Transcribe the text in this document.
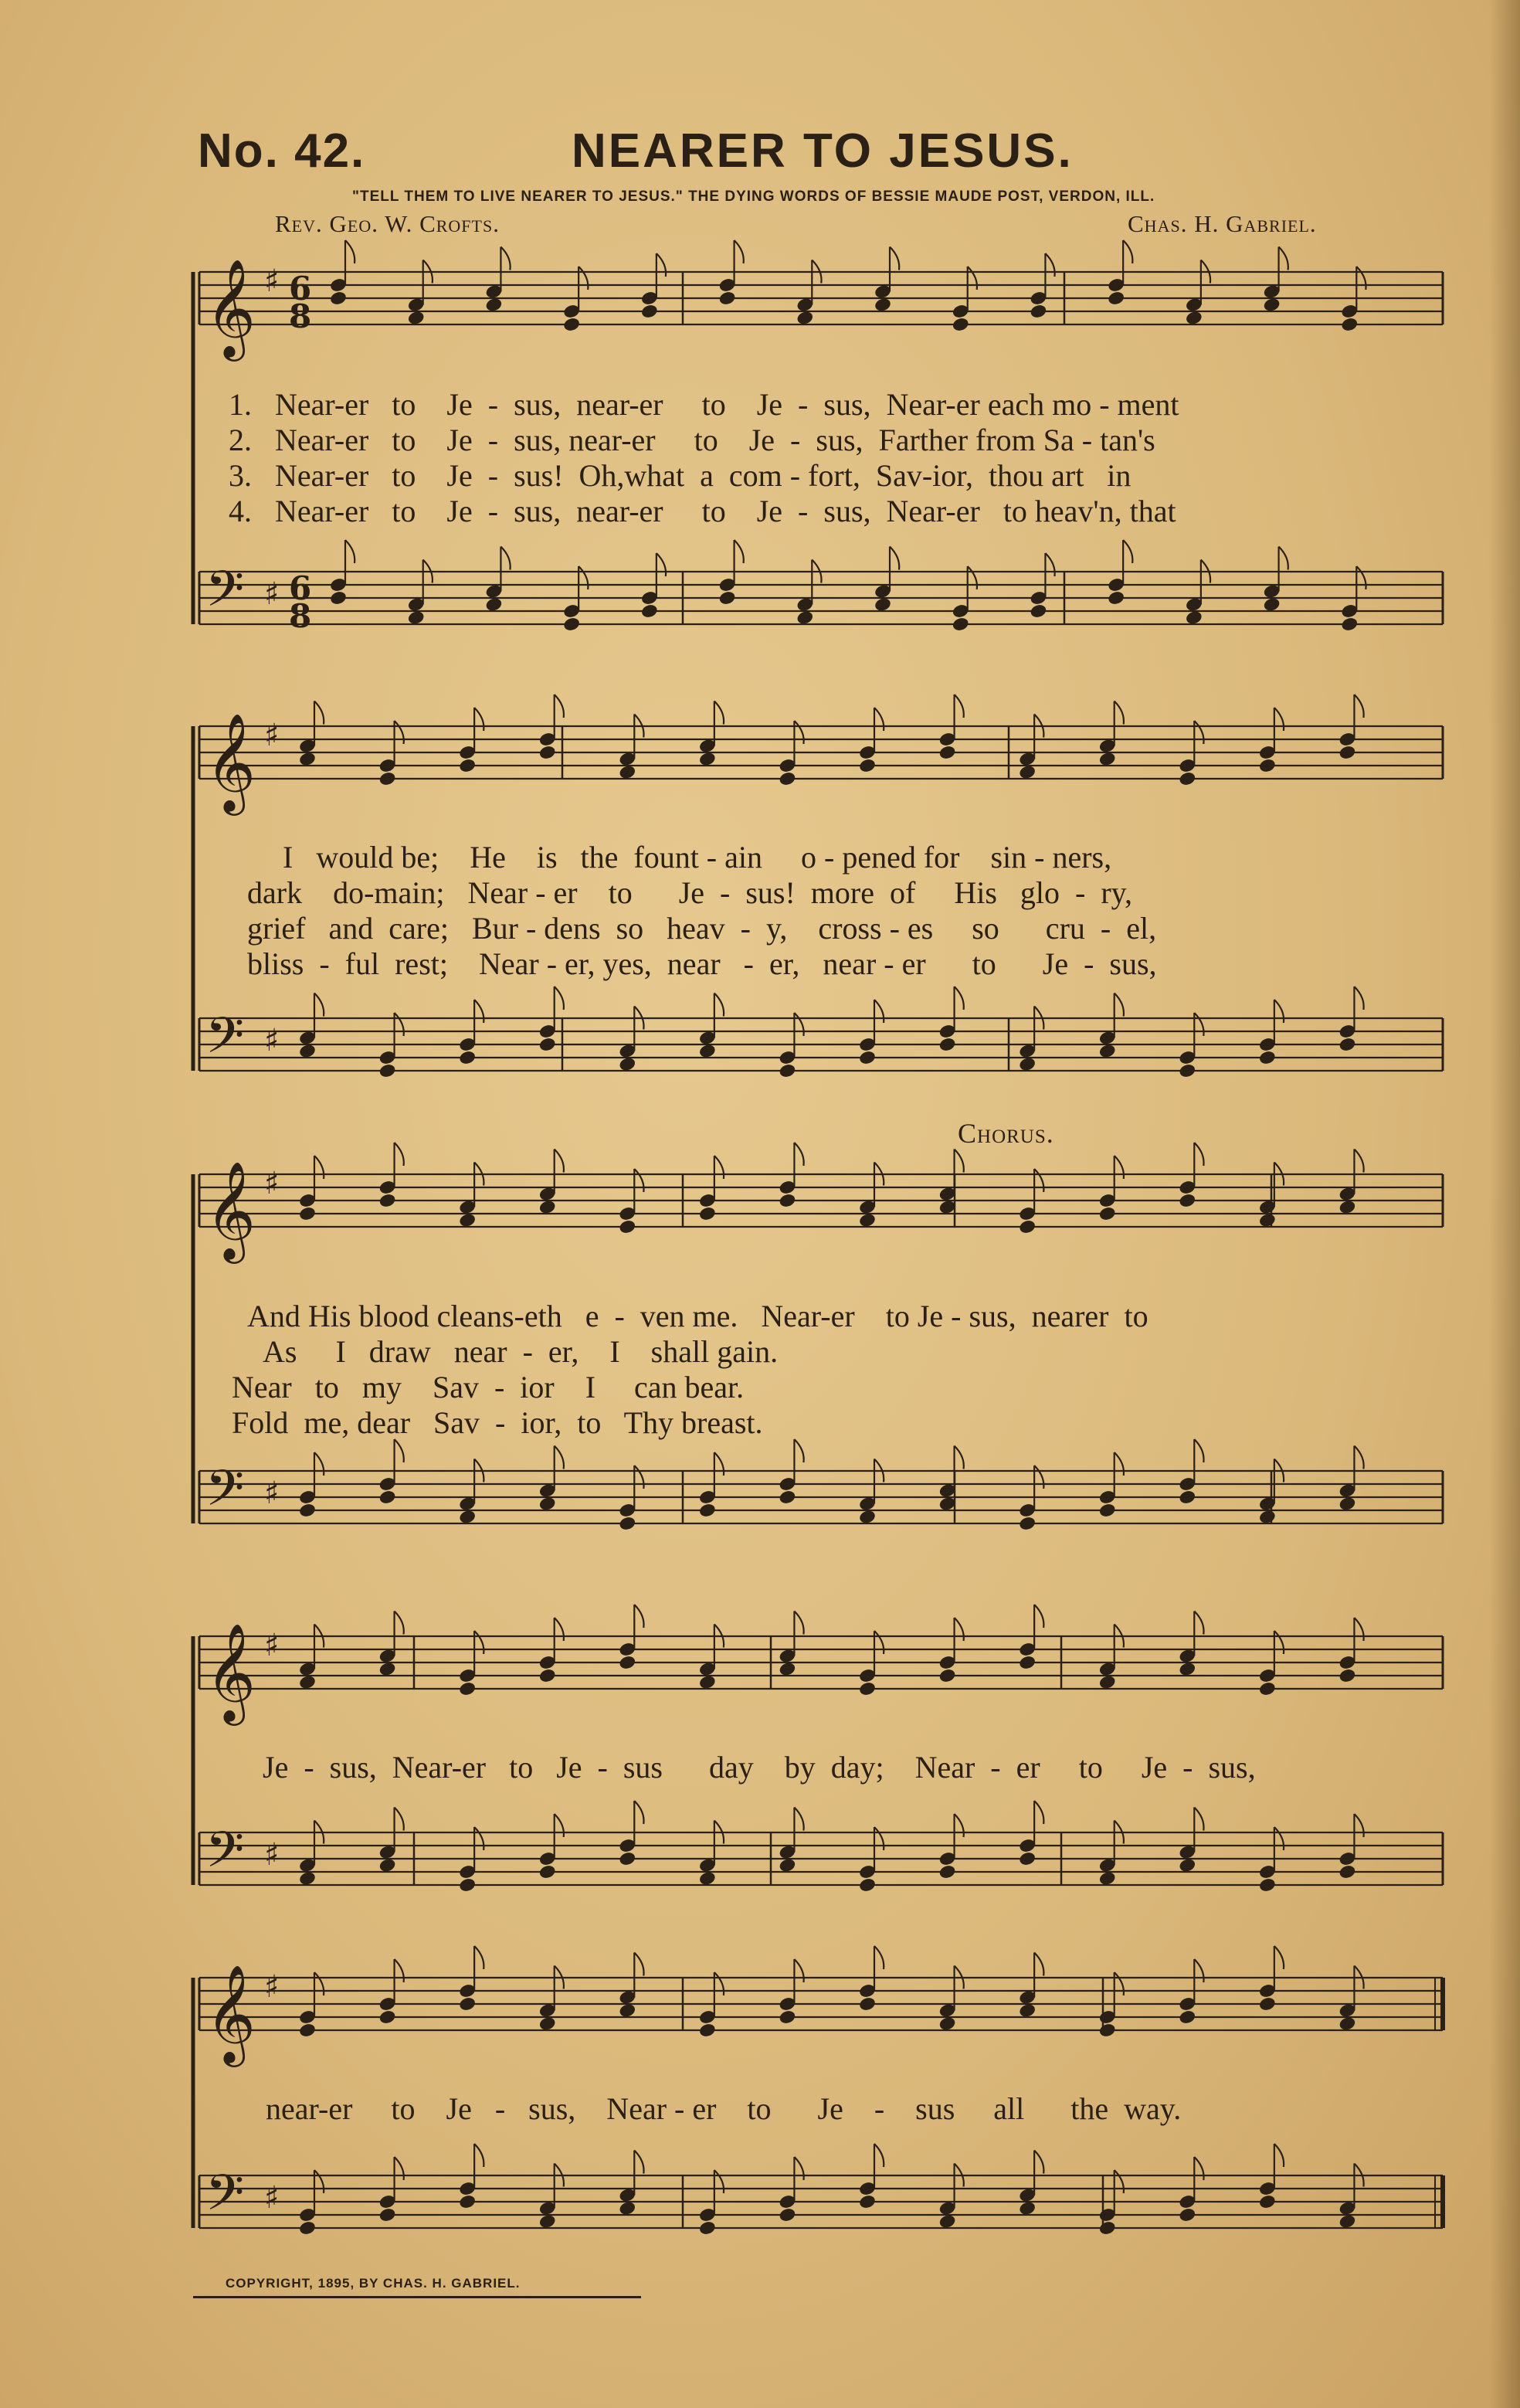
No. 42.	NEARER TO JESUS.
"TELL THEM TO LIVE NEARER TO JESUS." THE DYING WORDS OF BESSIE MAUDE POST, VERDON, ILL.
Rev. Geo. W. Crofts.	Chas. H. Gabriel.
𝄞 ♯ 6
8
𝄢 ♯ 6
8
𝄞 ♯
𝄢 ♯
𝄞 ♯
𝄢 ♯
𝄞 ♯
𝄢 ♯
𝄞 ♯
𝄢 ♯
1.   Near-er   to    Je  -  sus,  near-er     to    Je  -  sus,  Near-er each mo - ment
2.   Near-er   to    Je  -  sus, near-er     to    Je  -  sus,  Farther from Sa - tan's
3.   Near-er   to    Je  -  sus!  Oh,what  a  com - fort,  Sav-ior,  thou art   in
4.   Near-er   to    Je  -  sus,  near-er     to    Je  -  sus,  Near-er   to heav'n, that
I   would be;    He    is   the  fount - ain     o - pened for    sin - ners,
dark    do-main;   Near - er    to      Je  -  sus!  more  of     His   glo  -  ry,
grief   and  care;   Bur - dens  so   heav  -  y,    cross - es     so      cru  -  el,
bliss  -  ful  rest;    Near - er, yes,  near   -  er,   near - er      to      Je  -  sus,
Chorus.
And His blood cleans-eth   e  -  ven me.   Near-er    to Je - sus,  nearer  to
As     I   draw   near  -  er,    I    shall gain.
Near   to   my    Sav  -  ior    I     can bear.
Fold  me, dear   Sav  -  ior,  to   Thy breast.
Je  -  sus,  Near-er   to   Je  -  sus      day    by  day;    Near  -  er     to     Je  -  sus,
near-er     to    Je   -   sus,    Near - er    to      Je    -    sus     all      the  way.
COPYRIGHT, 1895, BY CHAS. H. GABRIEL.
